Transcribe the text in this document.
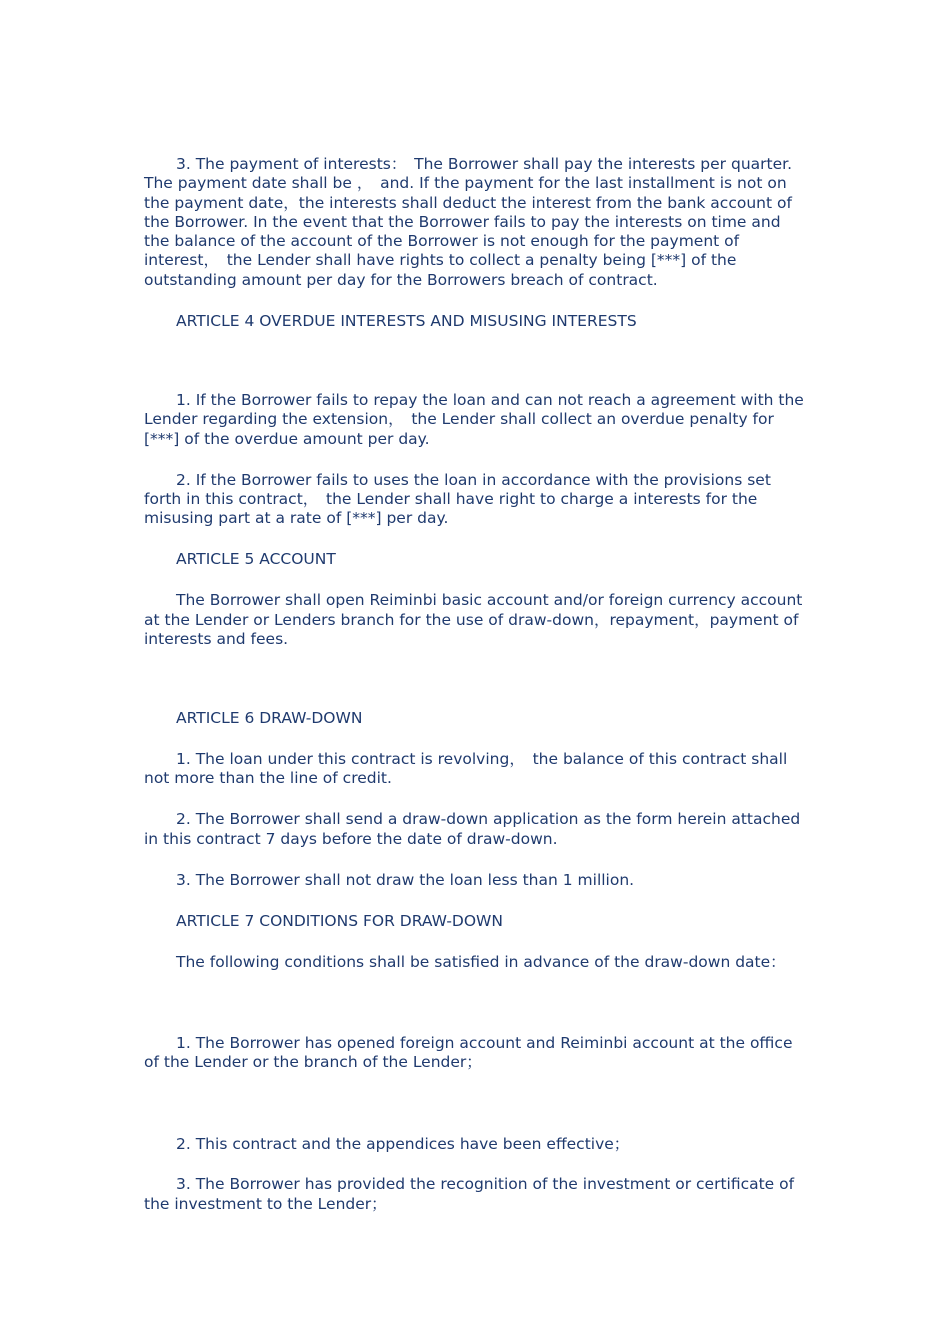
3. The payment of interests：　The Borrower shall pay the interests per quarter. The payment date shall be ，　and. If the payment for the last installment is not on the payment date，the interests shall deduct the interest from the bank account of the Borrower. In the event that the Borrower fails to pay the interests on time and the balance of the account of the Borrower is not enough for the payment of interest，　the Lender shall have rights to collect a penalty being [***] of the outstanding amount per day for the Borrowers breach of contract.

ARTICLE 4 OVERDUE INTERESTS AND MISUSING INTERESTS

1. If the Borrower fails to repay the loan and can not reach a agreement with the Lender regarding the extension，　the Lender shall collect an overdue penalty for [***] of the overdue amount per day.

2. If the Borrower fails to uses the loan in accordance with the provisions set forth in this contract，　the Lender shall have right to charge a interests for the misusing part at a rate of [***] per day.

ARTICLE 5 ACCOUNT

The Borrower shall open Reiminbi basic account and/or foreign currency account at the Lender or Lenders branch for the use of draw-down，repayment，payment of interests and fees.

ARTICLE 6 DRAW-DOWN

1. The loan under this contract is revolving，　the balance of this contract shall not more than the line of credit.

2. The Borrower shall send a draw-down application as the form herein attached in this contract 7 days before the date of draw-down.

3. The Borrower shall not draw the loan less than 1 million.

ARTICLE 7 CONDITIONS FOR DRAW-DOWN

The following conditions shall be satisfied in advance of the draw-down date：

1. The Borrower has opened foreign account and Reiminbi account at the office of the Lender or the branch of the Lender；

2. This contract and the appendices have been effective；

3. The Borrower has provided the recognition of the investment or certificate of the investment to the Lender；
